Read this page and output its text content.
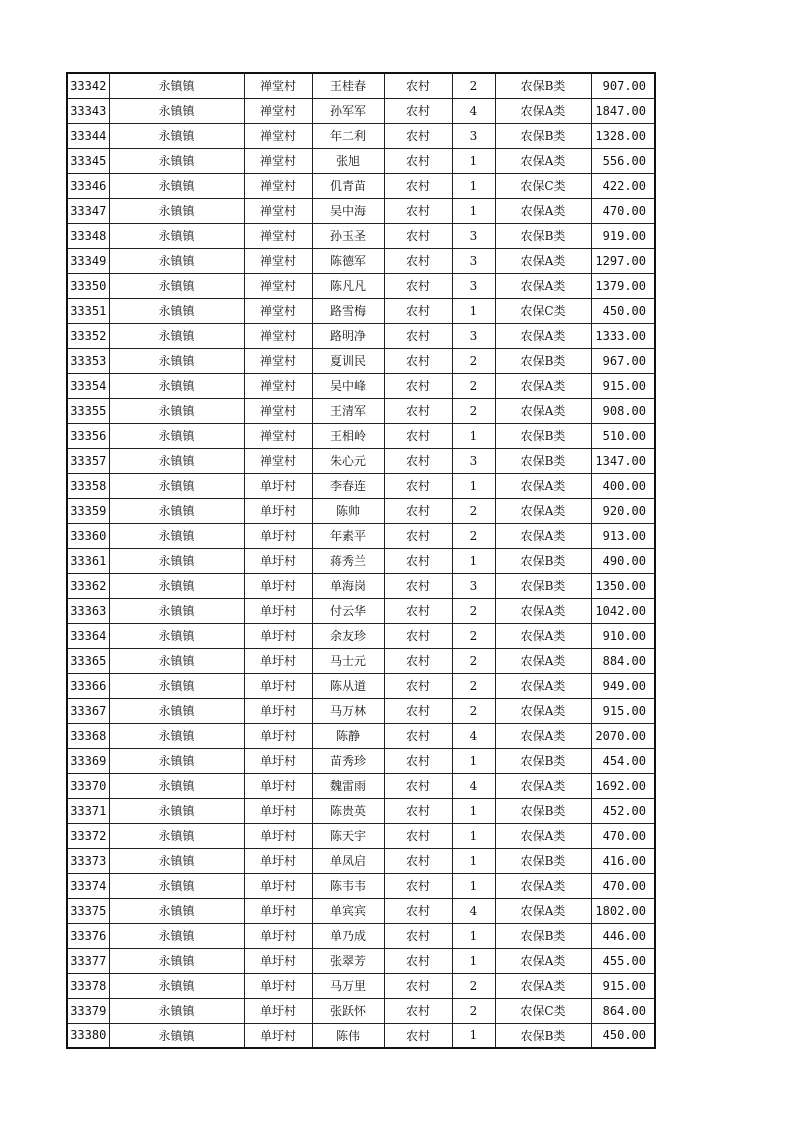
33342	永镇镇	禅堂村	王桂春	农村	2	农保B类	907.00
33343	永镇镇	禅堂村	孙军军	农村	4	农保A类	1847.00
33344	永镇镇	禅堂村	年二利	农村	3	农保B类	1328.00
33345	永镇镇	禅堂村	张旭	农村	1	农保A类	556.00
33346	永镇镇	禅堂村	仉青苗	农村	1	农保C类	422.00
33347	永镇镇	禅堂村	吴中海	农村	1	农保A类	470.00
33348	永镇镇	禅堂村	孙玉圣	农村	3	农保B类	919.00
33349	永镇镇	禅堂村	陈德军	农村	3	农保A类	1297.00
33350	永镇镇	禅堂村	陈凡凡	农村	3	农保A类	1379.00
33351	永镇镇	禅堂村	路雪梅	农村	1	农保C类	450.00
33352	永镇镇	禅堂村	路明净	农村	3	农保A类	1333.00
33353	永镇镇	禅堂村	夏训民	农村	2	农保B类	967.00
33354	永镇镇	禅堂村	吴中峰	农村	2	农保A类	915.00
33355	永镇镇	禅堂村	王清军	农村	2	农保A类	908.00
33356	永镇镇	禅堂村	王相岭	农村	1	农保B类	510.00
33357	永镇镇	禅堂村	朱心元	农村	3	农保B类	1347.00
33358	永镇镇	单圩村	李春连	农村	1	农保A类	400.00
33359	永镇镇	单圩村	陈帅	农村	2	农保A类	920.00
33360	永镇镇	单圩村	年素平	农村	2	农保A类	913.00
33361	永镇镇	单圩村	蒋秀兰	农村	1	农保B类	490.00
33362	永镇镇	单圩村	单海岗	农村	3	农保B类	1350.00
33363	永镇镇	单圩村	付云华	农村	2	农保A类	1042.00
33364	永镇镇	单圩村	余友珍	农村	2	农保A类	910.00
33365	永镇镇	单圩村	马士元	农村	2	农保A类	884.00
33366	永镇镇	单圩村	陈从道	农村	2	农保A类	949.00
33367	永镇镇	单圩村	马万林	农村	2	农保A类	915.00
33368	永镇镇	单圩村	陈静	农村	4	农保A类	2070.00
33369	永镇镇	单圩村	苗秀珍	农村	1	农保B类	454.00
33370	永镇镇	单圩村	魏雷雨	农村	4	农保A类	1692.00
33371	永镇镇	单圩村	陈贵英	农村	1	农保B类	452.00
33372	永镇镇	单圩村	陈天宇	农村	1	农保A类	470.00
33373	永镇镇	单圩村	单凤启	农村	1	农保B类	416.00
33374	永镇镇	单圩村	陈韦韦	农村	1	农保A类	470.00
33375	永镇镇	单圩村	单宾宾	农村	4	农保A类	1802.00
33376	永镇镇	单圩村	单乃成	农村	1	农保B类	446.00
33377	永镇镇	单圩村	张翠芳	农村	1	农保A类	455.00
33378	永镇镇	单圩村	马万里	农村	2	农保A类	915.00
33379	永镇镇	单圩村	张跃怀	农村	2	农保C类	864.00
33380	永镇镇	单圩村	陈伟	农村	1	农保B类	450.00
